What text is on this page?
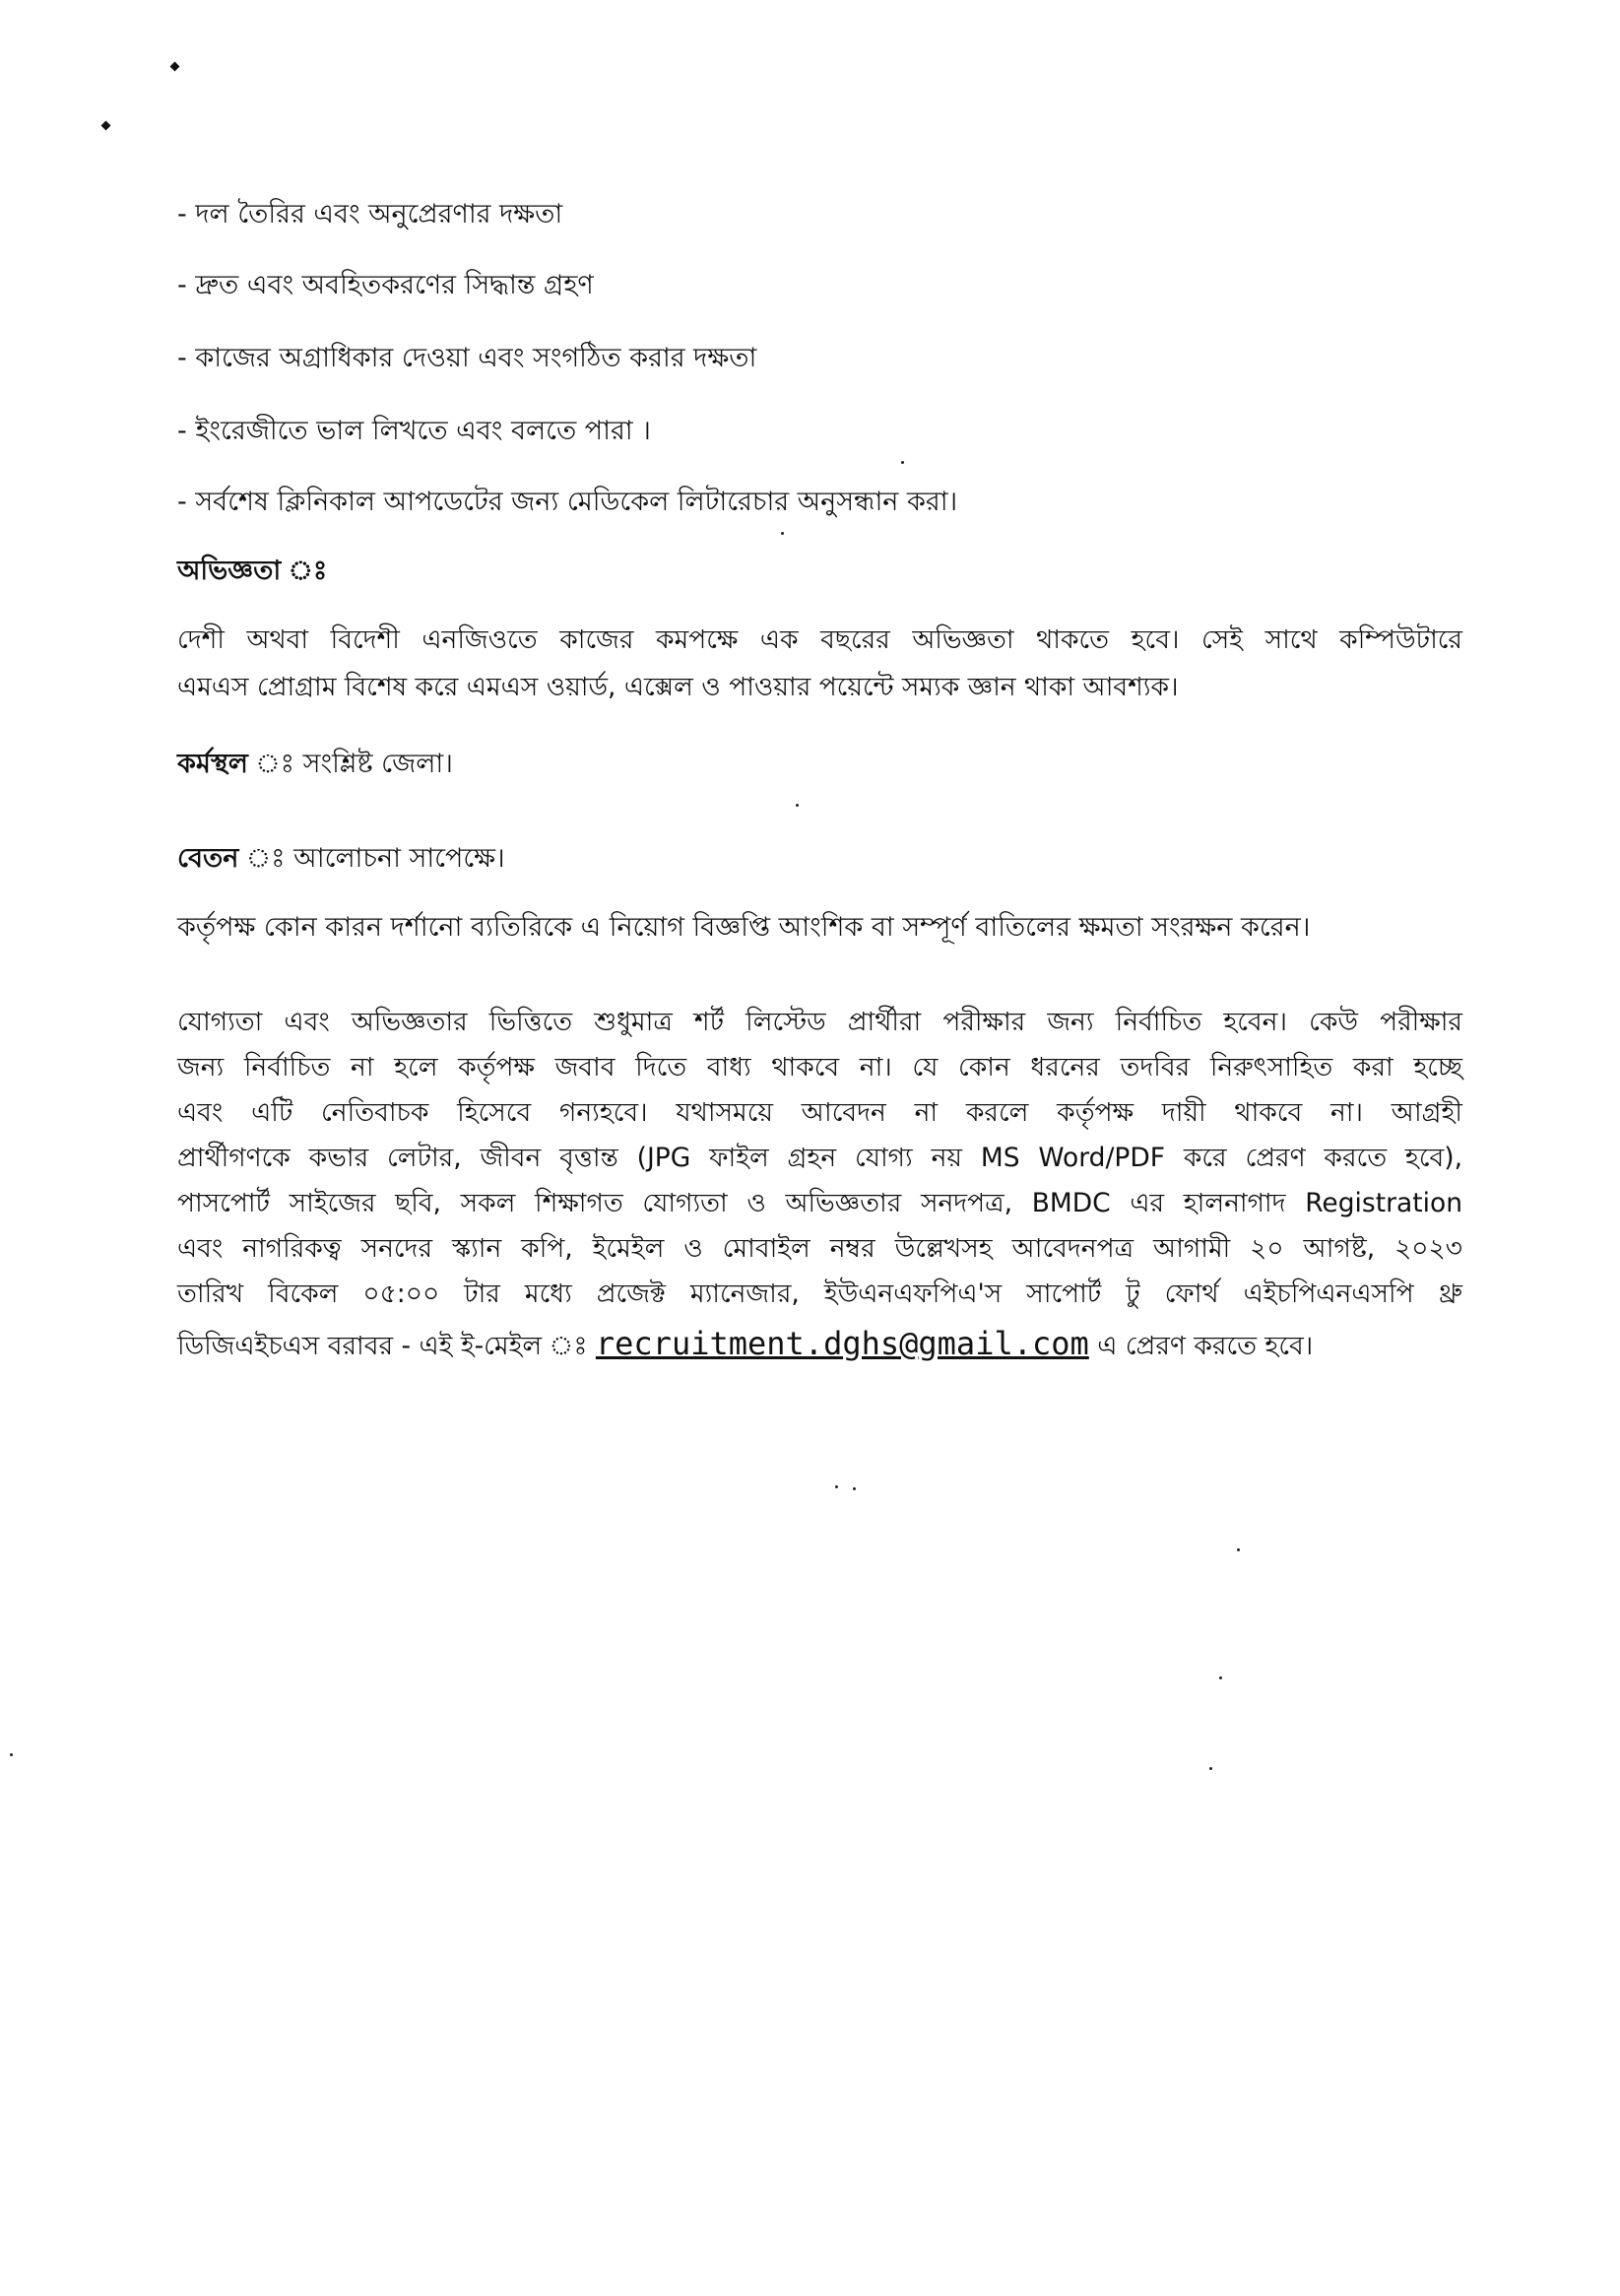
- দল তৈরির এবং অনুপ্রেরণার দক্ষতা
- দ্রুত এবং অবহিতকরণের সিদ্ধান্ত গ্রহণ
- কাজের অগ্রাধিকার দেওয়া এবং সংগঠিত করার দক্ষতা
- ইংরেজীতে ভাল লিখতে এবং বলতে পারা ।
- সর্বশেষ ক্লিনিকাল আপডেটের জন্য মেডিকেল লিটারেচার অনুসন্ধান করা।
অভিজ্ঞতা ঃ
দেশী অথবা বিদেশী এনজিওতে কাজের কমপক্ষে এক বছরের অভিজ্ঞতা থাকতে হবে। সেই সাথে কম্পিউটারে
এমএস প্রোগ্রাম বিশেষ করে এমএস ওয়ার্ড, এক্সেল ও পাওয়ার পয়েন্টে সম্যক জ্ঞান থাকা আবশ্যক।
কর্মস্থল ঃ সংশ্লিষ্ট জেলা।
বেতন ঃ আলোচনা সাপেক্ষে।
কর্তৃপক্ষ কোন কারন দর্শানো ব্যতিরিকে এ নিয়োগ বিজ্ঞপ্তি আংশিক বা সম্পূর্ণ বাতিলের ক্ষমতা সংরক্ষন করেন।
যোগ্যতা এবং অভিজ্ঞতার ভিত্তিতে শুধুমাত্র শর্ট লিস্টেড প্রার্থীরা পরীক্ষার জন্য নির্বাচিত হবেন। কেউ পরীক্ষার
জন্য নির্বাচিত না হলে কর্তৃপক্ষ জবাব দিতে বাধ্য থাকবে না। যে কোন ধরনের তদবির নিরুৎসাহিত করা হচ্ছে
এবং এটি নেতিবাচক হিসেবে গন্যহবে। যথাসময়ে আবেদন না করলে কর্তৃপক্ষ দায়ী থাকবে না। আগ্রহী
প্রার্থীগণকে কভার লেটার, জীবন বৃত্তান্ত (JPG ফাইল গ্রহন যোগ্য নয় MS Word/PDF করে প্রেরণ করতে হবে),
পাসপোর্ট সাইজের ছবি, সকল শিক্ষাগত যোগ্যতা ও অভিজ্ঞতার সনদপত্র, BMDC এর হালনাগাদ Registration
এবং নাগরিকত্ব সনদের স্ক্যান কপি, ইমেইল ও মোবাইল নম্বর উল্লেখসহ আবেদনপত্র আগামী ২০ আগষ্ট, ২০২৩
তারিখ বিকেল ০৫:০০ টার মধ্যে প্রজেক্ট ম্যানেজার, ইউএনএফপিএ'স সাপোর্ট টু ফোর্থ এইচপিএনএসপি থ্রু
ডিজিএইচএস বরাবর - এই ই-মেইল ঃ recruitment.dghs@gmail.com এ প্রেরণ করতে হবে।
